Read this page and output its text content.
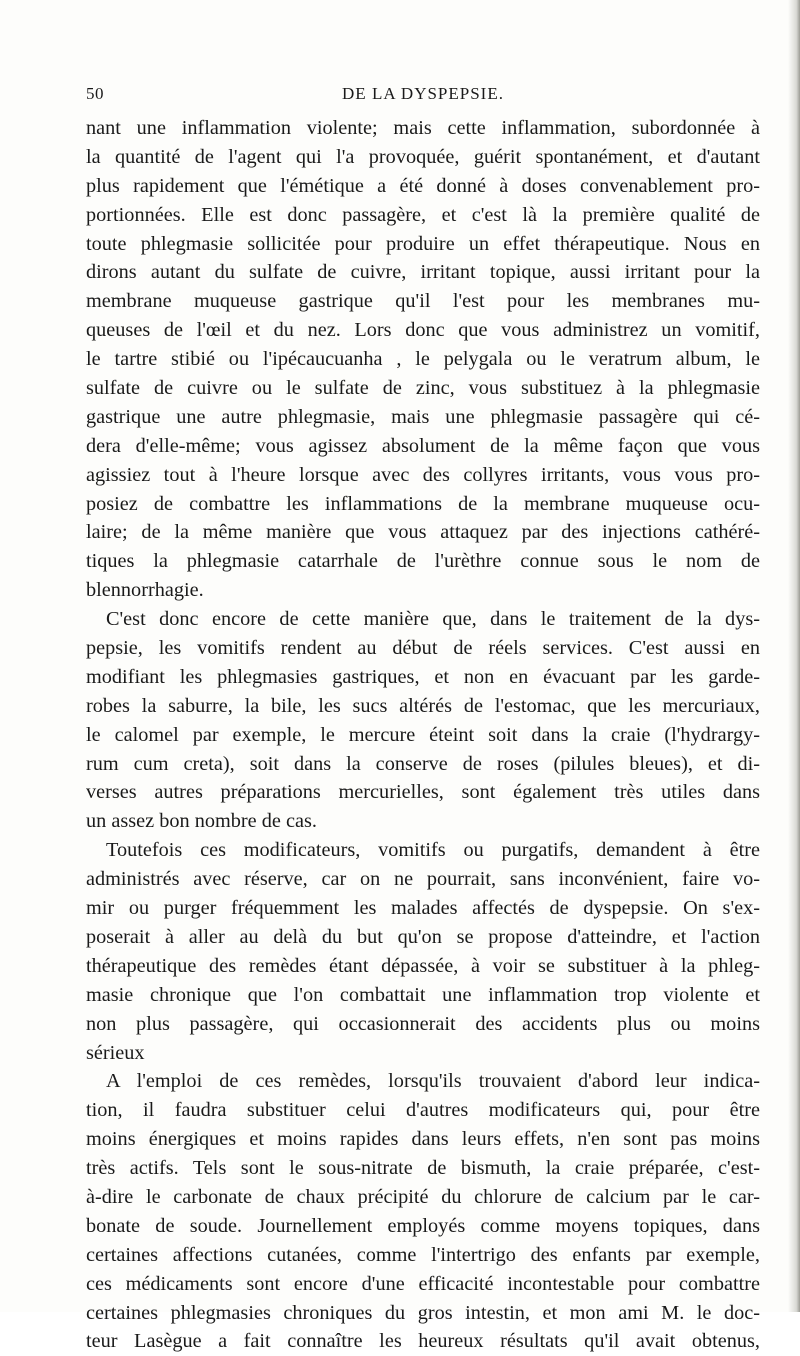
50	DE LA DYSPEPSIE.
nant une inflammation violente; mais cette inflammation, subordonnée à
la quantité de l'agent qui l'a provoquée, guérit spontanément, et d'autant
plus rapidement que l'émétique a été donné à doses convenablement pro-
portionnées. Elle est donc passagère, et c'est là la première qualité de
toute phlegmasie sollicitée pour produire un effet thérapeutique. Nous en
dirons autant du sulfate de cuivre, irritant topique, aussi irritant pour la
membrane muqueuse gastrique qu'il l'est pour les membranes mu-
queuses de l'œil et du nez. Lors donc que vous administrez un vomitif,
le tartre stibié ou l'ipécaucuanha , le pelygala ou le veratrum album, le
sulfate de cuivre ou le sulfate de zinc, vous substituez à la phlegmasie
gastrique une autre phlegmasie, mais une phlegmasie passagère qui cé-
dera d'elle-même; vous agissez absolument de la même façon que vous
agissiez tout à l'heure lorsque avec des collyres irritants, vous vous pro-
posiez de combattre les inflammations de la membrane muqueuse ocu-
laire; de la même manière que vous attaquez par des injections cathéré-
tiques la phlegmasie catarrhale de l'urèthre connue sous le nom de
blennorrhagie.
C'est donc encore de cette manière que, dans le traitement de la dys-
pepsie, les vomitifs rendent au début de réels services. C'est aussi en
modifiant les phlegmasies gastriques, et non en évacuant par les garde-
robes la saburre, la bile, les sucs altérés de l'estomac, que les mercuriaux,
le calomel par exemple, le mercure éteint soit dans la craie (l'hydrargy-
rum cum creta), soit dans la conserve de roses (pilules bleues), et di-
verses autres préparations mercurielles, sont également très utiles dans
un assez bon nombre de cas.
Toutefois ces modificateurs, vomitifs ou purgatifs, demandent à être
administrés avec réserve, car on ne pourrait, sans inconvénient, faire vo-
mir ou purger fréquemment les malades affectés de dyspepsie. On s'ex-
poserait à aller au delà du but qu'on se propose d'atteindre, et l'action
thérapeutique des remèdes étant dépassée, à voir se substituer à la phleg-
masie chronique que l'on combattait une inflammation trop violente et
non plus passagère, qui occasionnerait des accidents plus ou moins
sérieux
A l'emploi de ces remèdes, lorsqu'ils trouvaient d'abord leur indica-
tion, il faudra substituer celui d'autres modificateurs qui, pour être
moins énergiques et moins rapides dans leurs effets, n'en sont pas moins
très actifs. Tels sont le sous-nitrate de bismuth, la craie préparée, c'est-
à-dire le carbonate de chaux précipité du chlorure de calcium par le car-
bonate de soude. Journellement employés comme moyens topiques, dans
certaines affections cutanées, comme l'intertrigo des enfants par exemple,
ces médicaments sont encore d'une efficacité incontestable pour combattre
certaines phlegmasies chroniques du gros intestin, et mon ami M. le doc-
teur Lasègue a fait connaître les heureux résultats qu'il avait obtenus,
